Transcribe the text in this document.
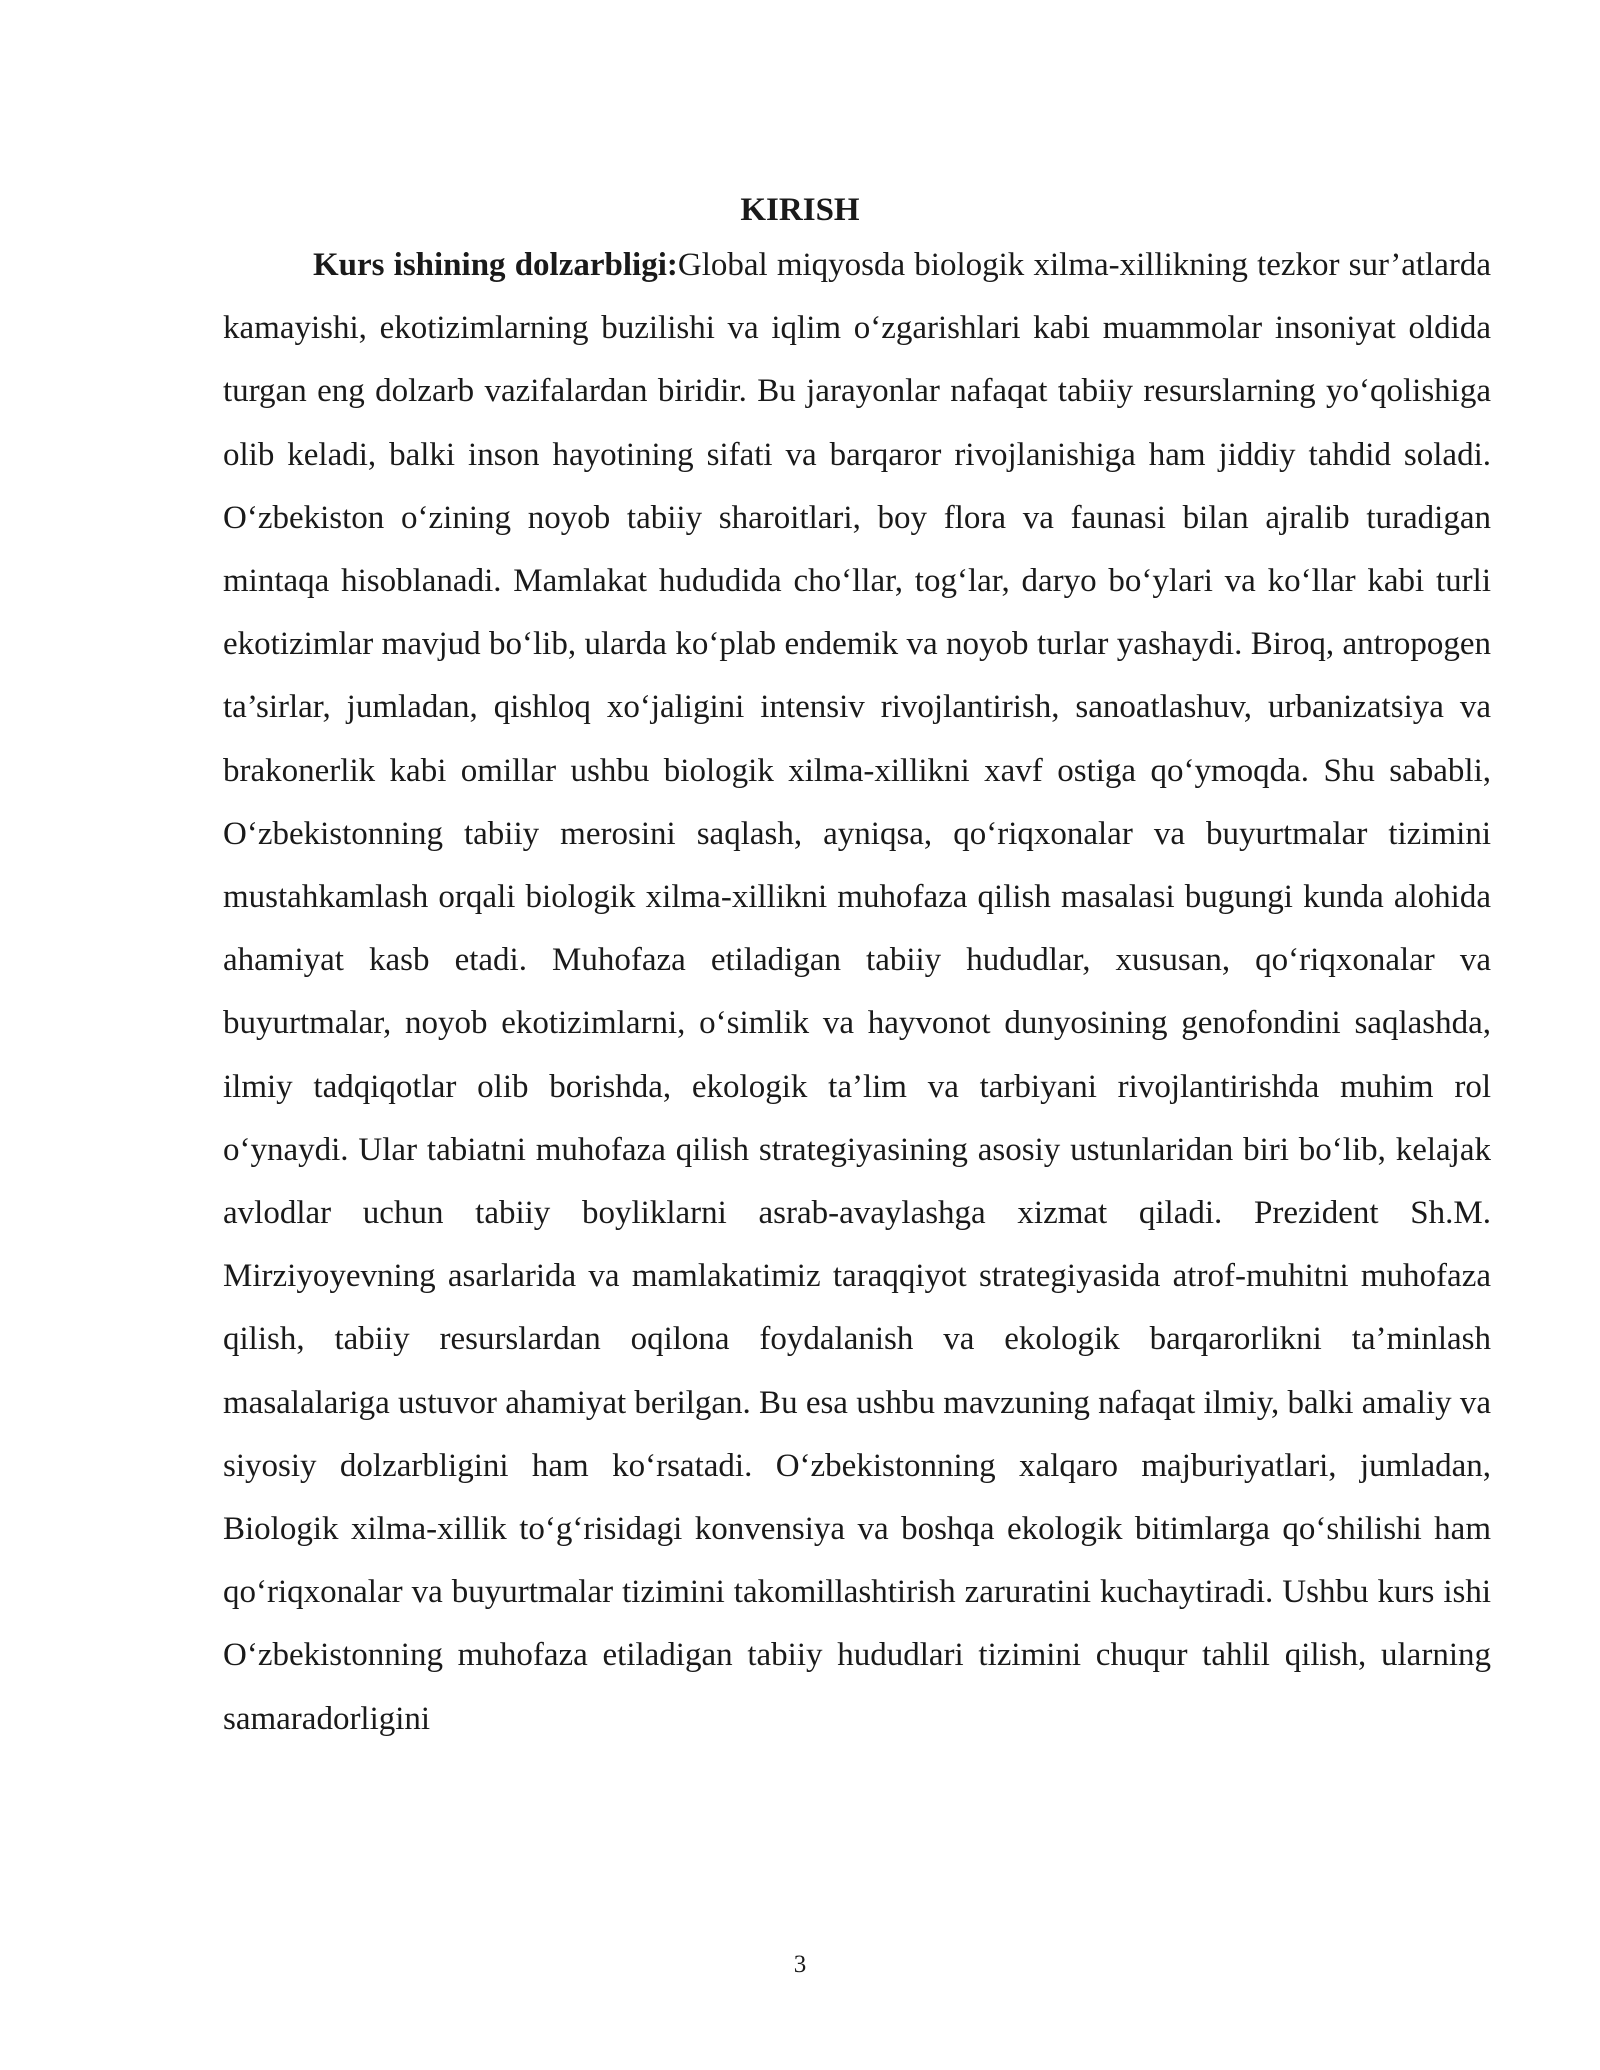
KIRISH

Kurs ishining dolzarbligi:Global miqyosda biologik xilma-xillikning tezkor sur’atlarda kamayishi, ekotizimlarning buzilishi va iqlim o‘zgarishlari kabi muammolar insoniyat oldida turgan eng dolzarb vazifalardan biridir. Bu jarayonlar nafaqat tabiiy resurslarning yo‘qolishiga olib keladi, balki inson hayotining sifati va barqaror rivojlanishiga ham jiddiy tahdid soladi. O‘zbekiston o‘zining noyob tabiiy sharoitlari, boy flora va faunasi bilan ajralib turadigan mintaqa hisoblanadi. Mamlakat hududida cho‘llar, tog‘lar, daryo bo‘ylari va ko‘llar kabi turli ekotizimlar mavjud bo‘lib, ularda ko‘plab endemik va noyob turlar yashaydi. Biroq, antropogen ta’sirlar, jumladan, qishloq xo‘jaligini intensiv rivojlantirish, sanoatlashuv, urbanizatsiya va brakonerlik kabi omillar ushbu biologik xilma-xillikni xavf ostiga qo‘ymoqda. Shu sababli, O‘zbekistonning tabiiy merosini saqlash, ayniqsa, qo‘riqxonalar va buyurtmalar tizimini mustahkamlash orqali biologik xilma-xillikni muhofaza qilish masalasi bugungi kunda alohida ahamiyat kasb etadi. Muhofaza etiladigan tabiiy hududlar, xususan, qo‘riqxonalar va buyurtmalar, noyob ekotizimlarni, o‘simlik va hayvonot dunyosining genofondini saqlashda, ilmiy tadqiqotlar olib borishda, ekologik ta’lim va tarbiyani rivojlantirishda muhim rol o‘ynaydi. Ular tabiatni muhofaza qilish strategiyasining asosiy ustunlaridan biri bo‘lib, kelajak avlodlar uchun tabiiy boyliklarni asrab-avaylashga xizmat qiladi. Prezident Sh.M. Mirziyoyevning asarlarida va mamlakatimiz taraqqiyot strategiyasida atrof-muhitni muhofaza qilish, tabiiy resurslardan oqilona foydalanish va ekologik barqarorlikni ta’minlash masalalariga ustuvor ahamiyat berilgan. Bu esa ushbu mavzuning nafaqat ilmiy, balki amaliy va siyosiy dolzarbligini ham ko‘rsatadi. O‘zbekistonning xalqaro majburiyatlari, jumladan, Biologik xilma-xillik to‘g‘risidagi konvensiya va boshqa ekologik bitimlarga qo‘shilishi ham qo‘riqxonalar va buyurtmalar tizimini takomillashtirish zaruratini kuchaytiradi. Ushbu kurs ishi O‘zbekistonning muhofaza etiladigan tabiiy hududlari tizimini chuqur tahlil qilish, ularning samaradorligini

3
